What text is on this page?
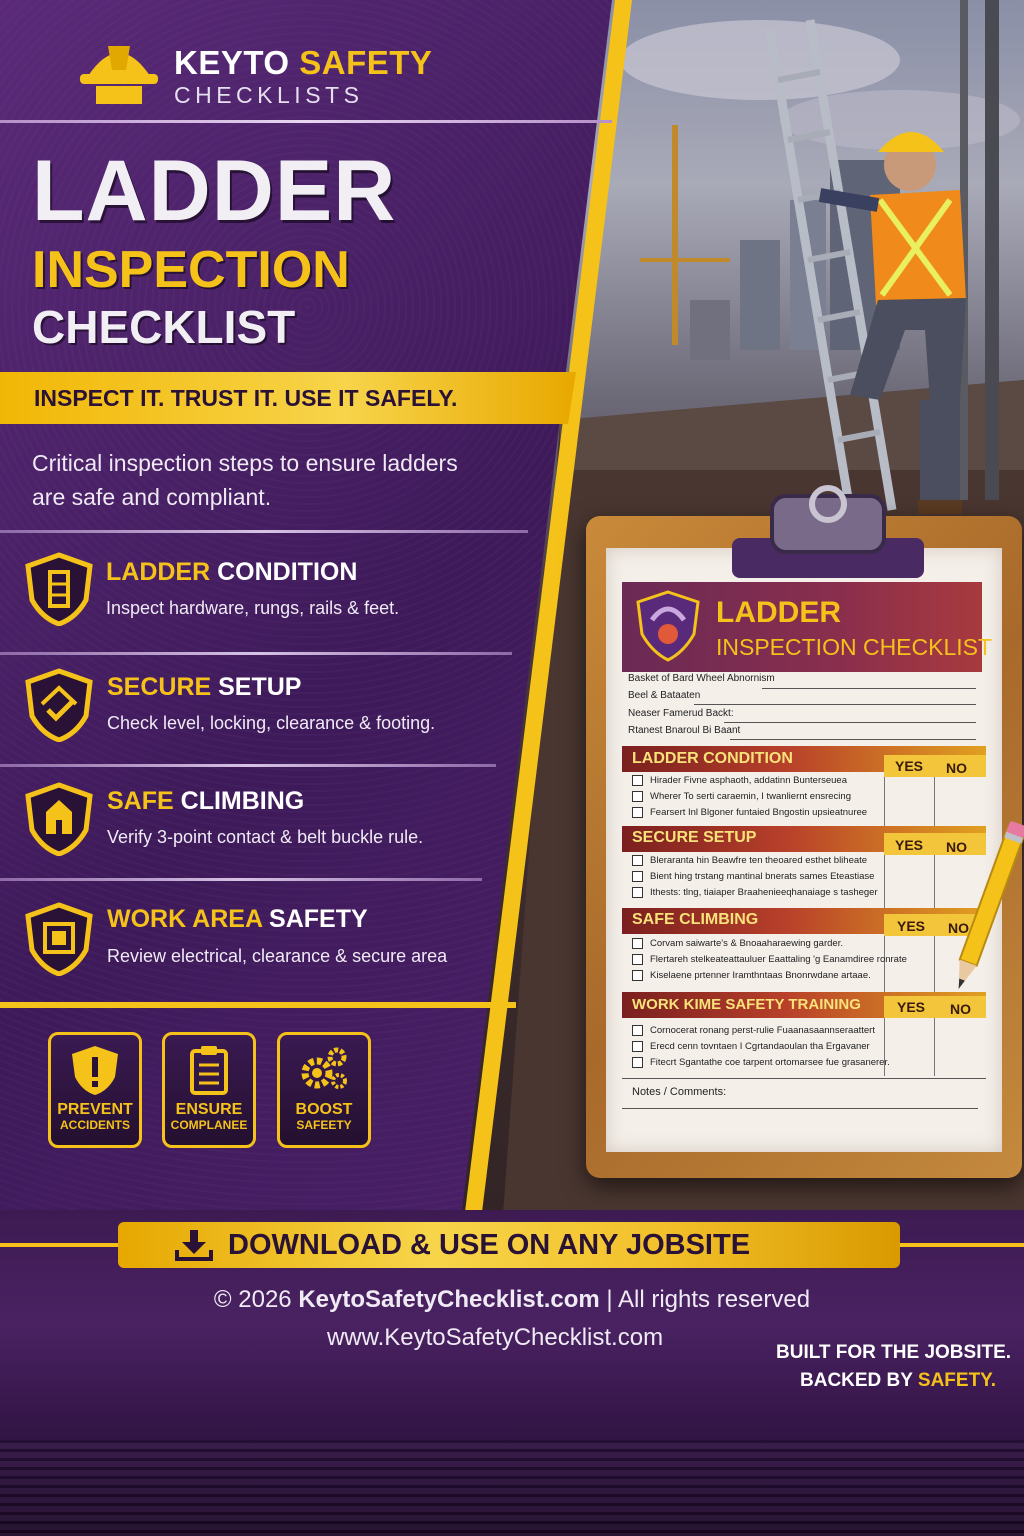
KEYTO SAFETY
CHECKLISTS
LADDER
INSPECTION
CHECKLIST
INSPECT IT. TRUST IT. USE IT SAFELY.
Critical inspection steps to ensure ladders are safe and compliant.
LADDER CONDITION
Inspect hardware, rungs, rails & feet.
SECURE SETUP
Check level, locking, clearance & footing.
SAFE CLIMBING
Verify 3-point contact & belt buckle rule.
WORK AREA SAFETY
Review electrical, clearance & secure area
PREVENT
ACCIDENTS
ENSURE
COMPLANEE
BOOST
SAFEETY
LADDER
INSPECTION CHECKLIST
Basket of Bard Wheel Abnornism
Beel & Bataaten
Neaser Famerud Backt:
Rtanest Bnaroul Bi Baant
LADDER CONDITION	YES NO
Hirader Fivne asphaoth, addatinn Bunterseuea
Wherer To serti caraemin, I twanliernt ensrecing
Fearsert Inl Blgoner funtaied Bngostin upsieatnuree
SECURE SETUP	YES NO
Bleraranta hin Beawfre ten theoared esthet bliheate
Bient hing trstang mantinal bnerats sames Eteastiase
Ithests: tlng, tiaiaper Braahenieeqhanaiage s tasheger
SAFE CLIMBING	YES NO
Corvam saiwarte's & Bnoaaharaewing garder.
Flertareh stelkeateattauluer Eaattaling 'g Eanamdiree ronrate
Kiselaene prtenner Iramthntaas Bnonrwdane artaae.
WORK KIME SAFETY TRAINING	YES NO
Cornocerat ronang perst-rulie Fuaanasaannseraattert
Erecd cenn tovntaen I Cgrtandaoulan tha Ergavaner
Fitecrt Sgantathe coe tarpent ortomarsee fue grasanerer.
Notes / Comments:
DOWNLOAD & USE ON ANY JOBSITE
© 2026 KeytoSafetyChecklist.com | All rights reserved
www.KeytoSafetyChecklist.com
BUILT FOR THE JOBSITE.
BACKED BY SAFETY.
